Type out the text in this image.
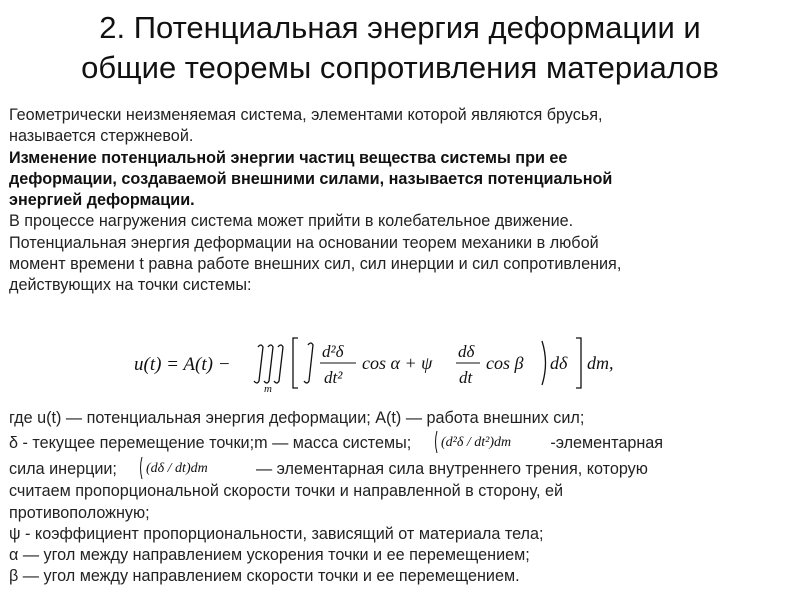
2. Потенциальная энергия деформации и
общие теоремы сопротивления материалов

Геометрически неизменяемая система, элементами которой являются брусья,

называется стержневой.

Изменение потенциальной энергии частиц вещества системы при ее

деформации, создаваемой внешними силами, называется потенциальной

энергией деформации.

В процессе нагружения система может прийти в колебательное движение.

Потенциальная энергия деформации на основании теорем механики в любой

момент времени t равна работе внешних сил, сил инерции и сил сопротивления,

действующих на точки системы:

u(t) = A(t) −
m
d²δ
dt²
cos α + ψ
dδ
dt
cos β dδ dm,

где u(t) — потенциальная энергия деформации; A(t) — работа внешних сил;

δ - текущее перемещение точки;m — масса системы; (d²δ / dt²)dm -элементарная

сила инерции; (dδ / dt)dm	— элементарная сила внутреннего трения, которую

считаем пропорциональной скорости точки и направленной в сторону, ей

противоположную;

ψ - коэффициент пропорциональности, зависящий от материала тела;

α — угол между направлением ускорения точки и ее перемещением;

β — угол между направлением скорости точки и ее перемещением.
